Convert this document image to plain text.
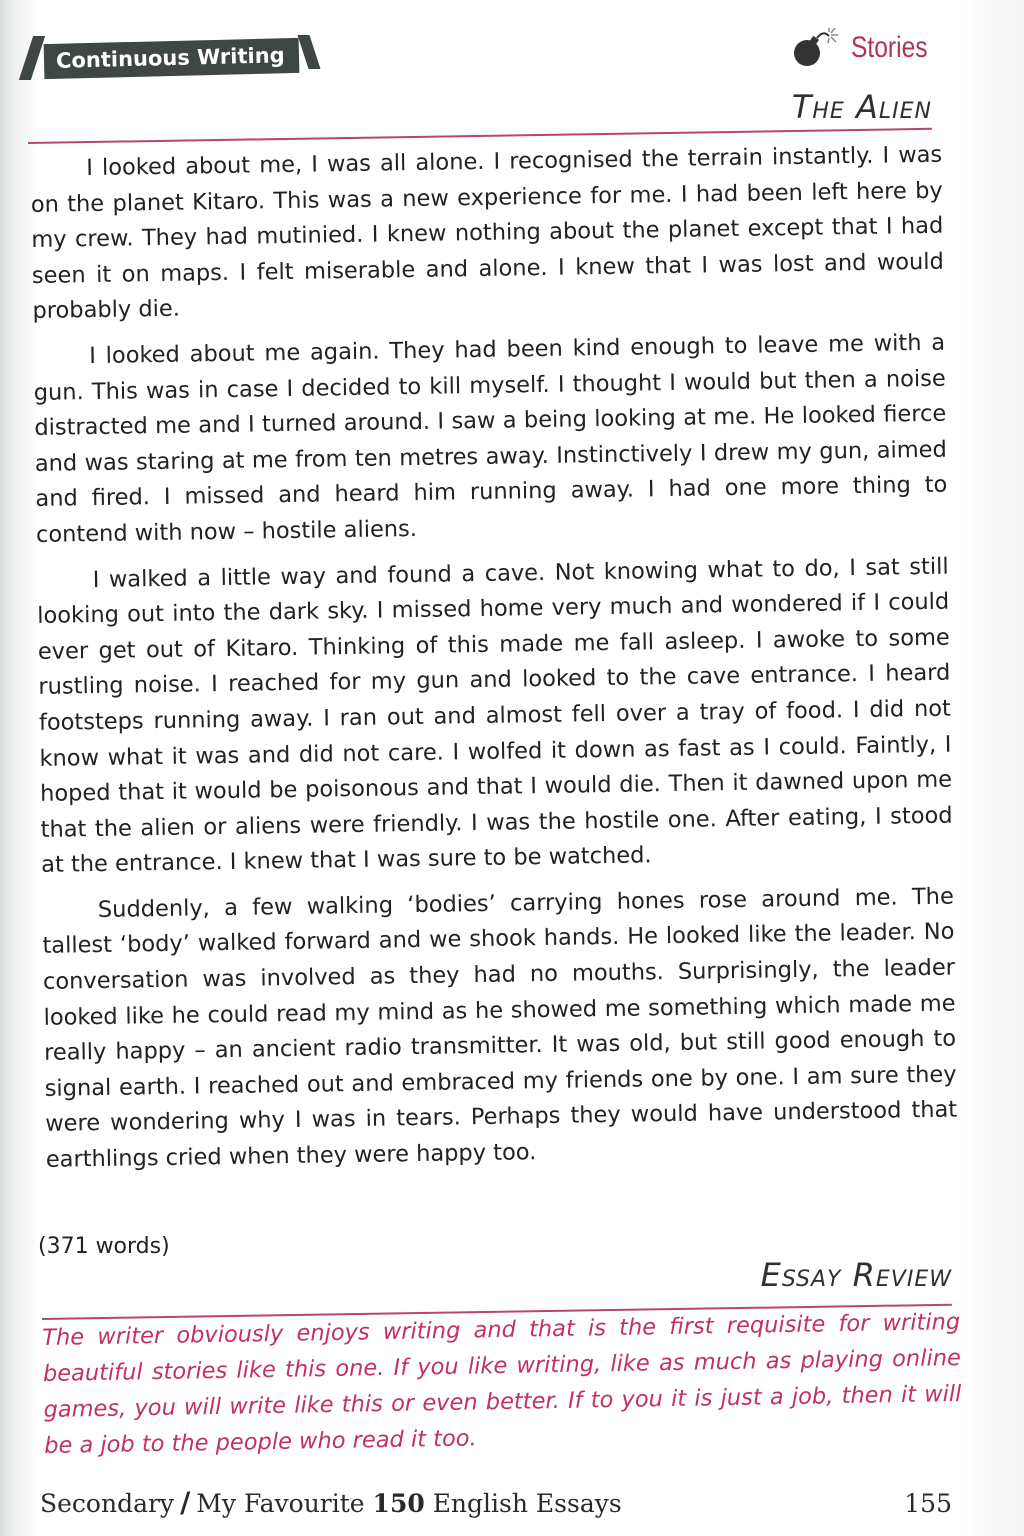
Continuous Writing	Stories
The Alien

I looked about me, I was all alone. I recognised the terrain instantly. I was on the planet Kitaro. This was a new experience for me. I had been left here by my crew. They had mutinied. I knew nothing about the planet except that I had seen it on maps. I felt miserable and alone. I knew that I was lost and would probably die.

I looked about me again. They had been kind enough to leave me with a gun. This was in case I decided to kill myself. I thought I would but then a noise distracted me and I turned around. I saw a being looking at me. He looked fierce and was staring at me from ten metres away. Instinctively I drew my gun, aimed and fired. I missed and heard him running away. I had one more thing to contend with now – hostile aliens.

I walked a little way and found a cave. Not knowing what to do, I sat still looking out into the dark sky. I missed home very much and wondered if I could ever get out of Kitaro. Thinking of this made me fall asleep. I awoke to some rustling noise. I reached for my gun and looked to the cave entrance. I heard footsteps running away. I ran out and almost fell over a tray of food. I did not know what it was and did not care. I wolfed it down as fast as I could. Faintly, I hoped that it would be poisonous and that I would die. Then it dawned upon me that the alien or aliens were friendly. I was the hostile one. After eating, I stood at the entrance. I knew that I was sure to be watched.

Suddenly, a few walking ‘bodies’ carrying hones rose around me. The tallest ‘body’ walked forward and we shook hands. He looked like the leader. No conversation was involved as they had no mouths. Surprisingly, the leader looked like he could read my mind as he showed me something which made me really happy – an ancient radio transmitter. It was old, but still good enough to signal earth. I reached out and embraced my friends one by one. I am sure they were wondering why I was in tears. Perhaps they would have understood that earthlings cried when they were happy too.

(371 words)
Essay Review
The writer obviously enjoys writing and that is the first requisite for writing beautiful stories like this one. If you like writing, like as much as playing online games, you will write like this or even better. If to you it is just a job, then it will be a job to the people who read it too.
Secondary / My Favourite 150 English Essays	155
